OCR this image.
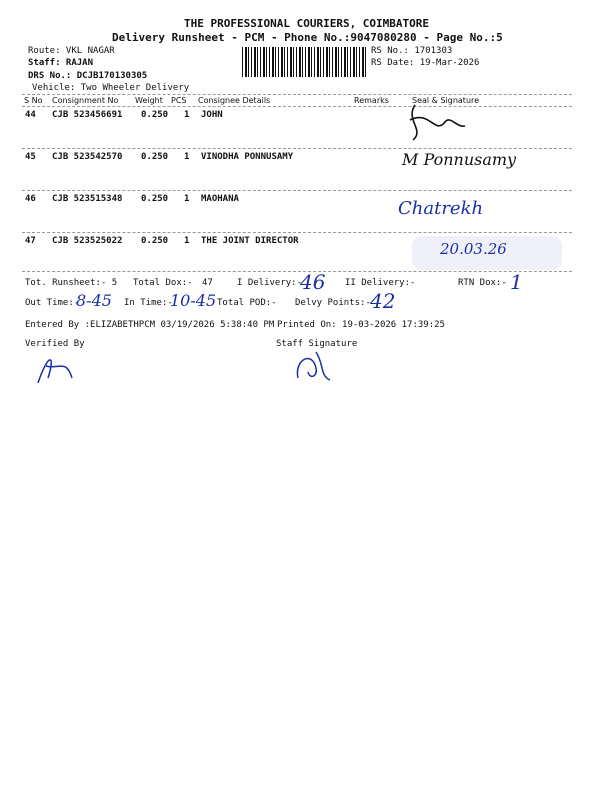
THE PROFESSIONAL COURIERS, COIMBATORE
Delivery Runsheet - PCM - Phone No.:9047080280 - Page No.:5
Route: VKL NAGAR
Staff: RAJAN
DRS No.: DCJB170130305
Vehicle: Two Wheeler Delivery
RS No.: 1701303
RS Date: 19-Mar-2026
S No Consignment No Weight PCS Consignee Details	Remarks	Seal & Signature
44 CJB 523456691 0.250 1 JOHN
45 CJB 523542570 0.250 1 VINODHA PONNUSAMY	M Ponnusamy
46 CJB 523515348 0.250 1 MAOHANA	Chatrekh
47 CJB 523525022 0.250 1 THE JOINT DIRECTOR	20.03.26
Tot. Runsheet:- 5 Total Dox:- 47	I Delivery:-
46 II Delivery:-	RTN Dox:- 1
Out Time:-
8-45 In Time:-
10-45 Total POD:- Delvy Points:- 42
Entered By :ELIZABETHPCM 03/19/2026 5:38:40 PM Printed On: 19-03-2026 17:39:25
Verified By	Staff Signature
